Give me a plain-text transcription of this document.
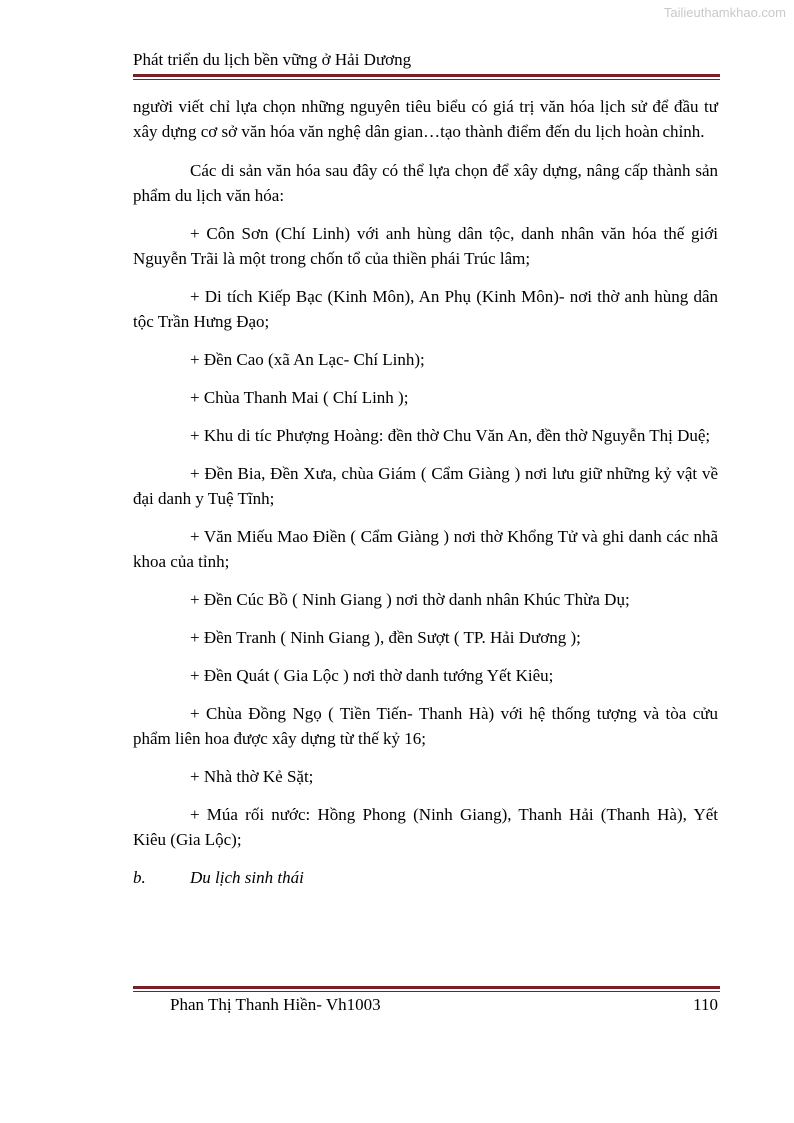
Tailieuthamkhao.com
Phát triển du lịch bền vững ở Hải Dương

người viết chỉ lựa chọn những nguyên tiêu biểu có giá trị văn hóa lịch sử để đầu tư xây dựng cơ sở văn hóa văn nghệ dân gian…tạo thành điểm đến du lịch hoàn chỉnh.

Các di sản văn hóa sau đây có thể lựa chọn để xây dựng, nâng cấp thành sản phẩm du lịch văn hóa:

+ Côn Sơn (Chí Linh) với anh hùng dân tộc, danh nhân văn hóa thế giới Nguyễn Trãi là một trong chốn tổ của thiền phái Trúc lâm;

+ Di tích Kiếp Bạc (Kinh Môn), An Phụ (Kinh Môn)- nơi thờ anh hùng dân tộc Trần Hưng Đạo;

+ Đền Cao (xã An Lạc- Chí Linh);

+ Chùa Thanh Mai ( Chí Linh );

+ Khu di tíc Phượng Hoàng: đền thờ Chu Văn An, đền thờ Nguyễn Thị Duệ;

+ Đền Bia, Đền Xưa, chùa Giám ( Cẩm Giàng ) nơi lưu giữ những kỷ vật về đại danh y Tuệ Tĩnh;

+ Văn Miếu Mao Điền ( Cẩm Giàng ) nơi thờ Khổng Tử và ghi danh các nhã khoa của tỉnh;

+ Đền Cúc Bồ ( Ninh Giang ) nơi thờ danh nhân Khúc Thừa Dụ;

+ Đền Tranh ( Ninh Giang ), đền Sượt ( TP. Hải Dương );

+ Đền Quát ( Gia Lộc ) nơi thờ danh tướng Yết Kiêu;

+ Chùa Đồng Ngọ ( Tiền Tiến- Thanh Hà) với hệ thống tượng và tòa cửu phẩm liên hoa được xây dựng từ thế kỷ 16;

+ Nhà thờ Kẻ Sặt;

+ Múa rối nước: Hồng Phong (Ninh Giang), Thanh Hải (Thanh Hà), Yết Kiêu (Gia Lộc);

b.	Du lịch sinh thái
Phan Thị Thanh Hiền- Vh1003	110
